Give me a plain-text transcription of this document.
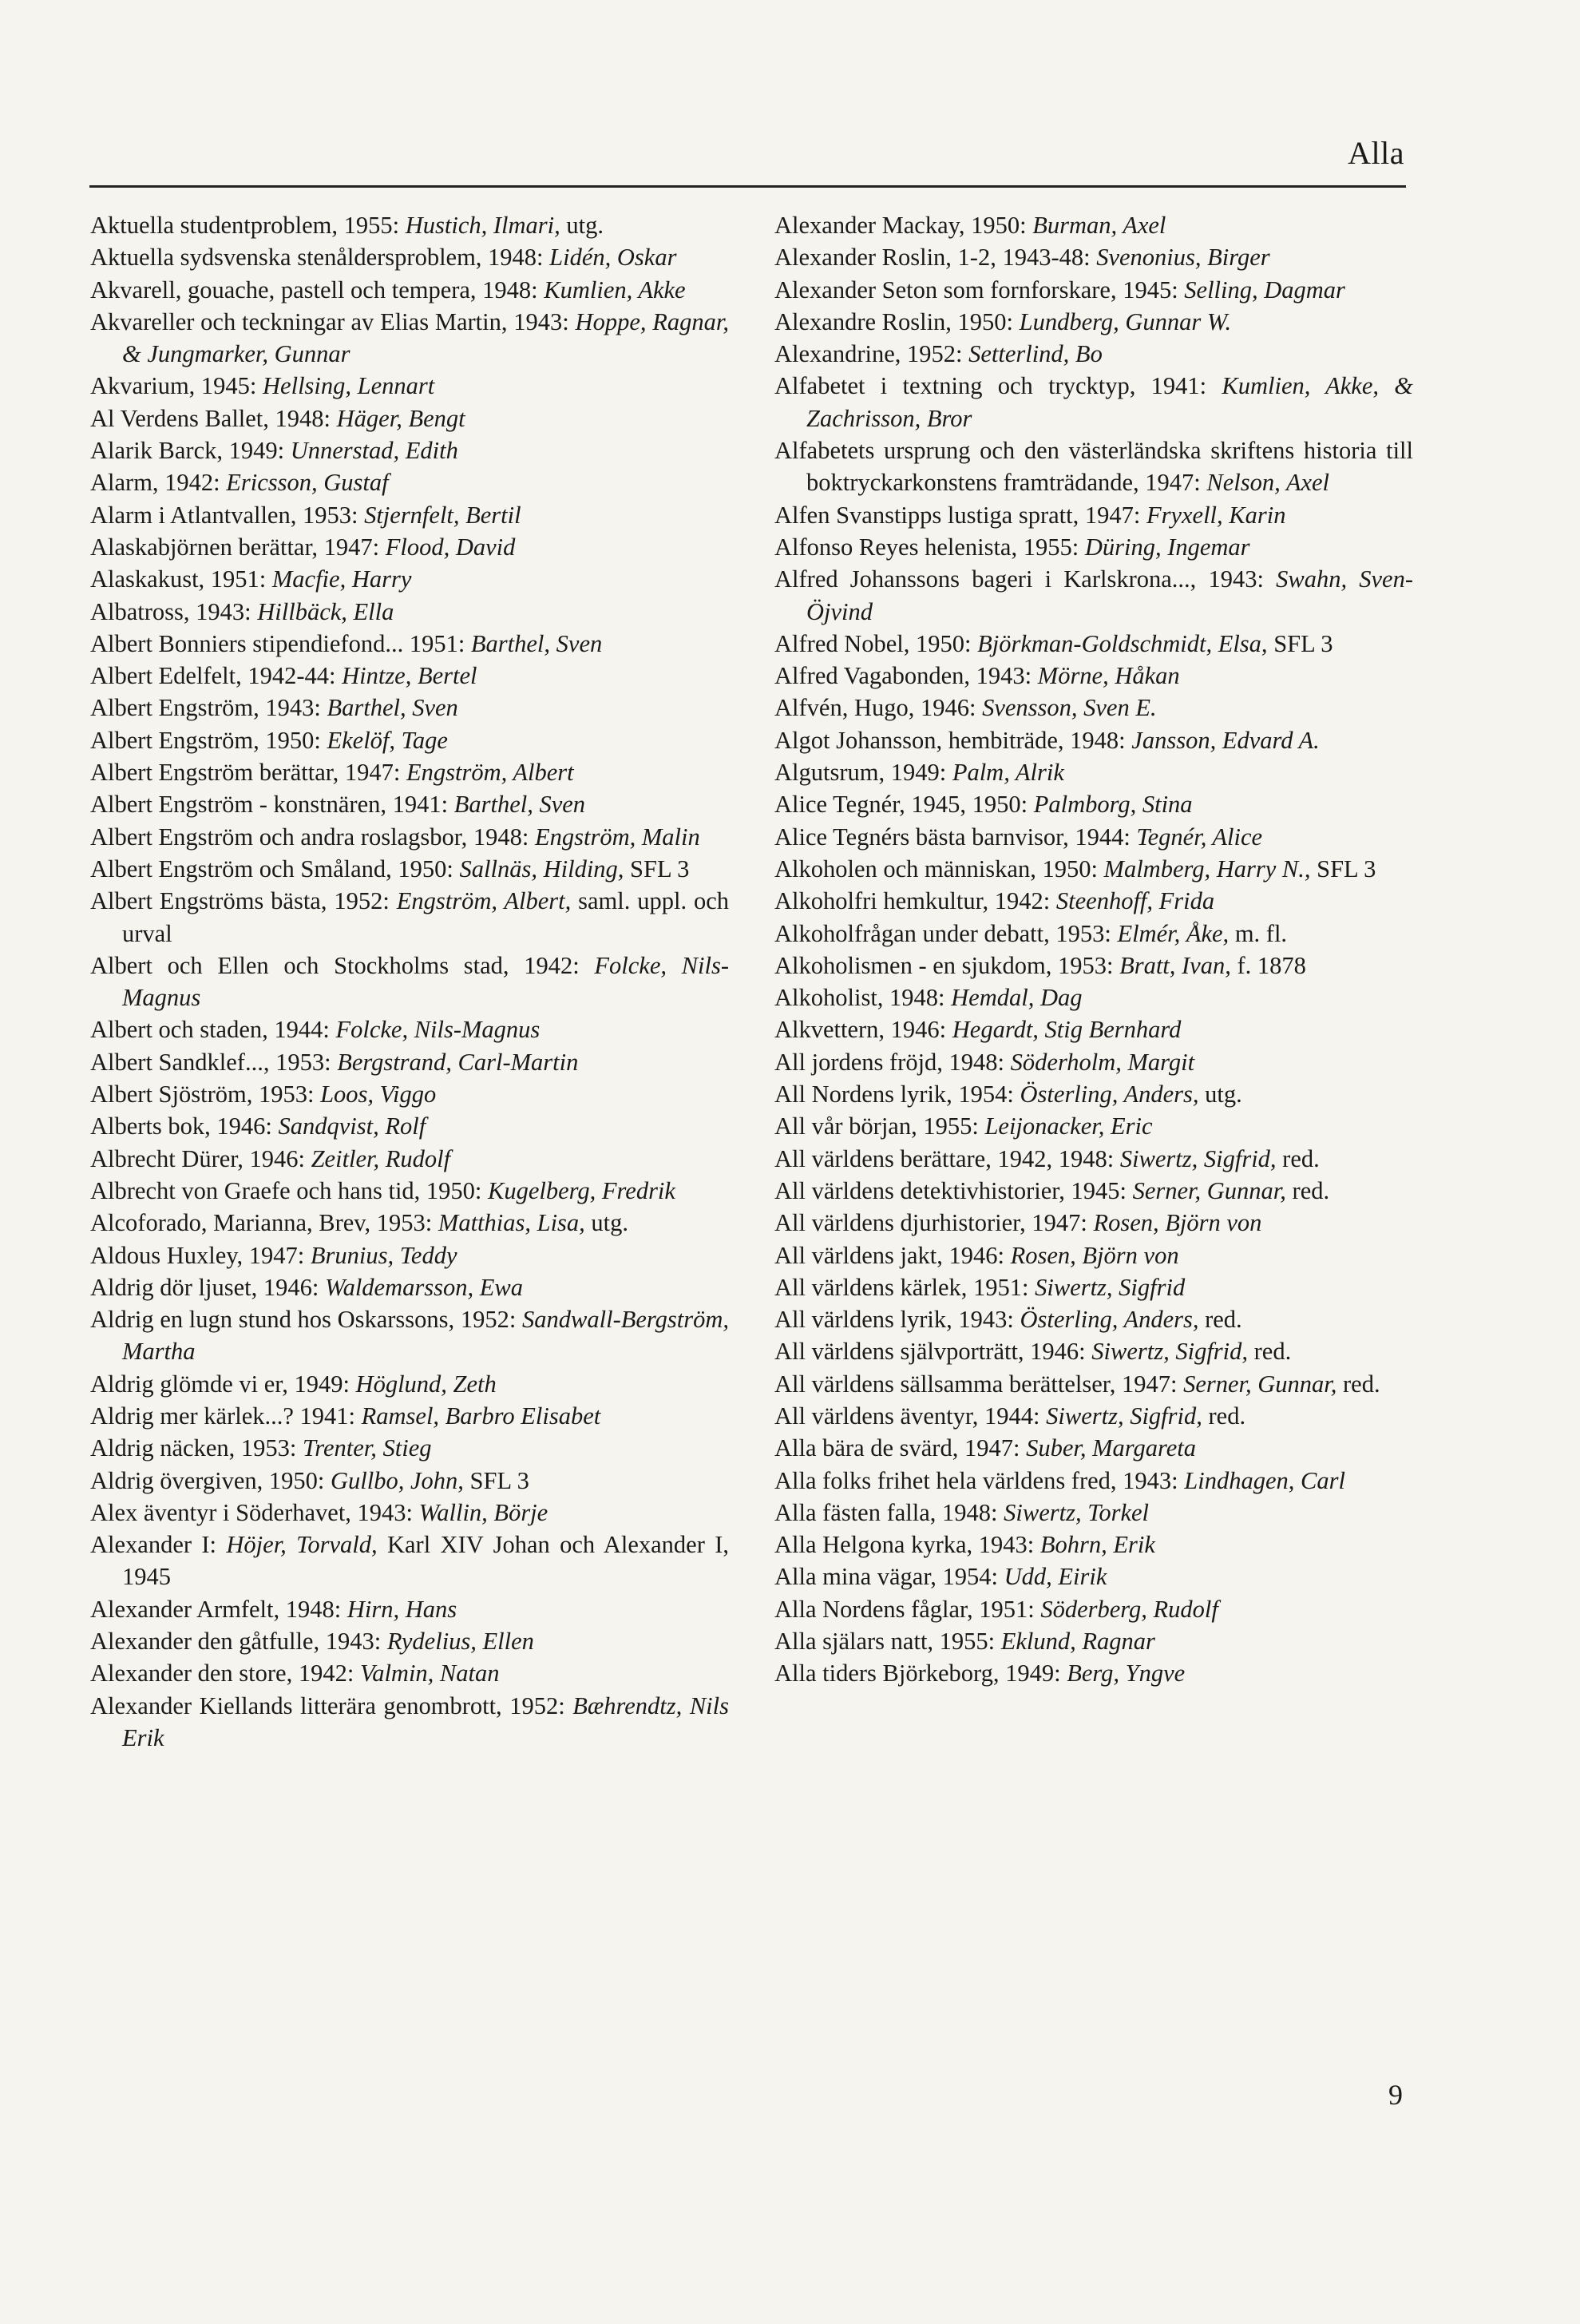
Alla
Aktuella studentproblem, 1955: Hustich, Ilmari, utg.
Aktuella sydsvenska stenåldersproblem, 1948: Lidén, Oskar
Akvarell, gouache, pastell och tempera, 1948: Kumlien, Akke
Akvareller och teckningar av Elias Martin, 1943: Hoppe, Ragnar, & Jungmarker, Gunnar
Akvarium, 1945: Hellsing, Lennart
Al Verdens Ballet, 1948: Häger, Bengt
Alarik Barck, 1949: Unnerstad, Edith
Alarm, 1942: Ericsson, Gustaf
Alarm i Atlantvallen, 1953: Stjernfelt, Bertil
Alaskabjörnen berättar, 1947: Flood, David
Alaskakust, 1951: Macfie, Harry
Albatross, 1943: Hillbäck, Ella
Albert Bonniers stipendiefond... 1951: Barthel, Sven
Albert Edelfelt, 1942-44: Hintze, Bertel
Albert Engström, 1943: Barthel, Sven
Albert Engström, 1950: Ekelöf, Tage
Albert Engström berättar, 1947: Engström, Albert
Albert Engström - konstnären, 1941: Barthel, Sven
Albert Engström och andra roslagsbor, 1948: Engström, Malin
Albert Engström och Småland, 1950: Sallnäs, Hilding, SFL 3
Albert Engströms bästa, 1952: Engström, Albert, saml. uppl. och urval
Albert och Ellen och Stockholms stad, 1942: Folcke, Nils-Magnus
Albert och staden, 1944: Folcke, Nils-Magnus
Albert Sandklef..., 1953: Bergstrand, Carl-Martin
Albert Sjöström, 1953: Loos, Viggo
Alberts bok, 1946: Sandqvist, Rolf
Albrecht Dürer, 1946: Zeitler, Rudolf
Albrecht von Graefe och hans tid, 1950: Kugelberg, Fredrik
Alcoforado, Marianna, Brev, 1953: Matthias, Lisa, utg.
Aldous Huxley, 1947: Brunius, Teddy
Aldrig dör ljuset, 1946: Waldemarsson, Ewa
Aldrig en lugn stund hos Oskarssons, 1952: Sandwall-Bergström, Martha
Aldrig glömde vi er, 1949: Höglund, Zeth
Aldrig mer kärlek...? 1941: Ramsel, Barbro Elisabet
Aldrig näcken, 1953: Trenter, Stieg
Aldrig övergiven, 1950: Gullbo, John, SFL 3
Alex äventyr i Söderhavet, 1943: Wallin, Börje
Alexander I: Höjer, Torvald, Karl XIV Johan och Alexander I, 1945
Alexander Armfelt, 1948: Hirn, Hans
Alexander den gåtfulle, 1943: Rydelius, Ellen
Alexander den store, 1942: Valmin, Natan
Alexander Kiellands litterära genombrott, 1952: Bæhrendtz, Nils Erik
Alexander Mackay, 1950: Burman, Axel
Alexander Roslin, 1-2, 1943-48: Svenonius, Birger
Alexander Seton som fornforskare, 1945: Selling, Dagmar
Alexandre Roslin, 1950: Lundberg, Gunnar W.
Alexandrine, 1952: Setterlind, Bo
Alfabetet i textning och trycktyp, 1941: Kumlien, Akke, & Zachrisson, Bror
Alfabetets ursprung och den västerländska skriftens historia till boktryckarkonstens framträdande, 1947: Nelson, Axel
Alfen Svanstipps lustiga spratt, 1947: Fryxell, Karin
Alfonso Reyes helenista, 1955: Düring, Ingemar
Alfred Johanssons bageri i Karlskrona..., 1943: Swahn, Sven-Öjvind
Alfred Nobel, 1950: Björkman-Goldschmidt, Elsa, SFL 3
Alfred Vagabonden, 1943: Mörne, Håkan
Alfvén, Hugo, 1946: Svensson, Sven E.
Algot Johansson, hembiträde, 1948: Jansson, Edvard A.
Algutsrum, 1949: Palm, Alrik
Alice Tegnér, 1945, 1950: Palmborg, Stina
Alice Tegnérs bästa barnvisor, 1944: Tegnér, Alice
Alkoholen och människan, 1950: Malmberg, Harry N., SFL 3
Alkoholfri hemkultur, 1942: Steenhoff, Frida
Alkoholfrågan under debatt, 1953: Elmér, Åke, m. fl.
Alkoholismen - en sjukdom, 1953: Bratt, Ivan, f. 1878
Alkoholist, 1948: Hemdal, Dag
Alkvettern, 1946: Hegardt, Stig Bernhard
All jordens fröjd, 1948: Söderholm, Margit
All Nordens lyrik, 1954: Österling, Anders, utg.
All vår början, 1955: Leijonacker, Eric
All världens berättare, 1942, 1948: Siwertz, Sigfrid, red.
All världens detektivhistorier, 1945: Serner, Gunnar, red.
All världens djurhistorier, 1947: Rosen, Björn von
All världens jakt, 1946: Rosen, Björn von
All världens kärlek, 1951: Siwertz, Sigfrid
All världens lyrik, 1943: Österling, Anders, red.
All världens självporträtt, 1946: Siwertz, Sigfrid, red.
All världens sällsamma berättelser, 1947: Serner, Gunnar, red.
All världens äventyr, 1944: Siwertz, Sigfrid, red.
Alla bära de svärd, 1947: Suber, Margareta
Alla folks frihet hela världens fred, 1943: Lindhagen, Carl
Alla fästen falla, 1948: Siwertz, Torkel
Alla Helgona kyrka, 1943: Bohrn, Erik
Alla mina vägar, 1954: Udd, Eirik
Alla Nordens fåglar, 1951: Söderberg, Rudolf
Alla själars natt, 1955: Eklund, Ragnar
Alla tiders Björkeborg, 1949: Berg, Yngve
9
